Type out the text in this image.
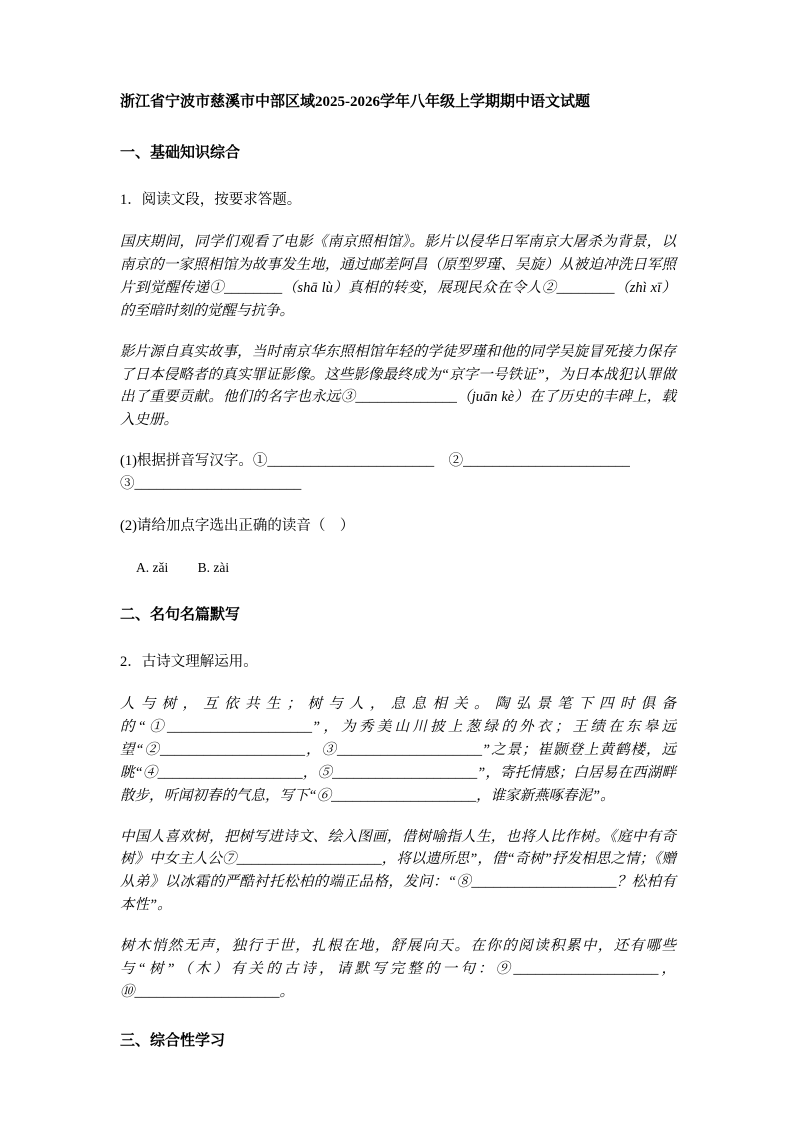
浙江省宁波市慈溪市中部区域2025-2026学年八年级上学期期中语文试题
一、基础知识综合

1．阅读文段，按要求答题。

国庆期间，同学们观看了电影《南京照相馆》。影片以侵华日军南京大屠杀为背景，以南京的一家照相馆为故事发生地，通过邮差阿昌（原型罗瑾、吴旋）从被迫冲洗日军照片到觉醒传递①________（shā lù）真相的转变，展现民众在令人②________（zhì xī）的至暗时刻的觉醒与抗争。

影片源自真实故事，当时南京华东照相馆年轻的学徒罗瑾和他的同学吴旋冒死接力保存了日本侵略者的真实罪证影像。这些影像最终成为“京字一号铁证”，为日本战犯认罪做出了重要贡献。他们的名字也永远③______________（juān kè）在了历史的丰碑上，载入史册。

(1)根据拼音写汉字。①_______________________　②_______________________　③_______________________

(2)请给加点字选出正确的读音（　）

A. zǎi B. zài

二、名句名篇默写

2．古诗文理解运用。

人与树，互依共生；树与人，息息相关。陶弘景笔下四时俱备的“①____________________”，为秀美山川披上葱绿的外衣；王绩在东皋远望“②____________________，③____________________”之景；崔颢登上黄鹤楼，远眺“④____________________，⑤____________________”，寄托情感；白居易在西湖畔散步，听闻初春的气息，写下“⑥____________________，谁家新燕啄春泥”。

中国人喜欢树，把树写进诗文、绘入图画，借树喻指人生，也将人比作树。《庭中有奇树》中女主人公⑦____________________，将以遗所思”，借“奇树”抒发相思之情；《赠从弟》以冰霜的严酷衬托松柏的端正品格，发问：“⑧____________________？松柏有本性”。

树木悄然无声，独行于世，扎根在地，舒展向天。在你的阅读积累中，还有哪些与“树”（木）有关的古诗，请默写完整的一句：⑨____________________，⑩____________________。

三、综合性学习
